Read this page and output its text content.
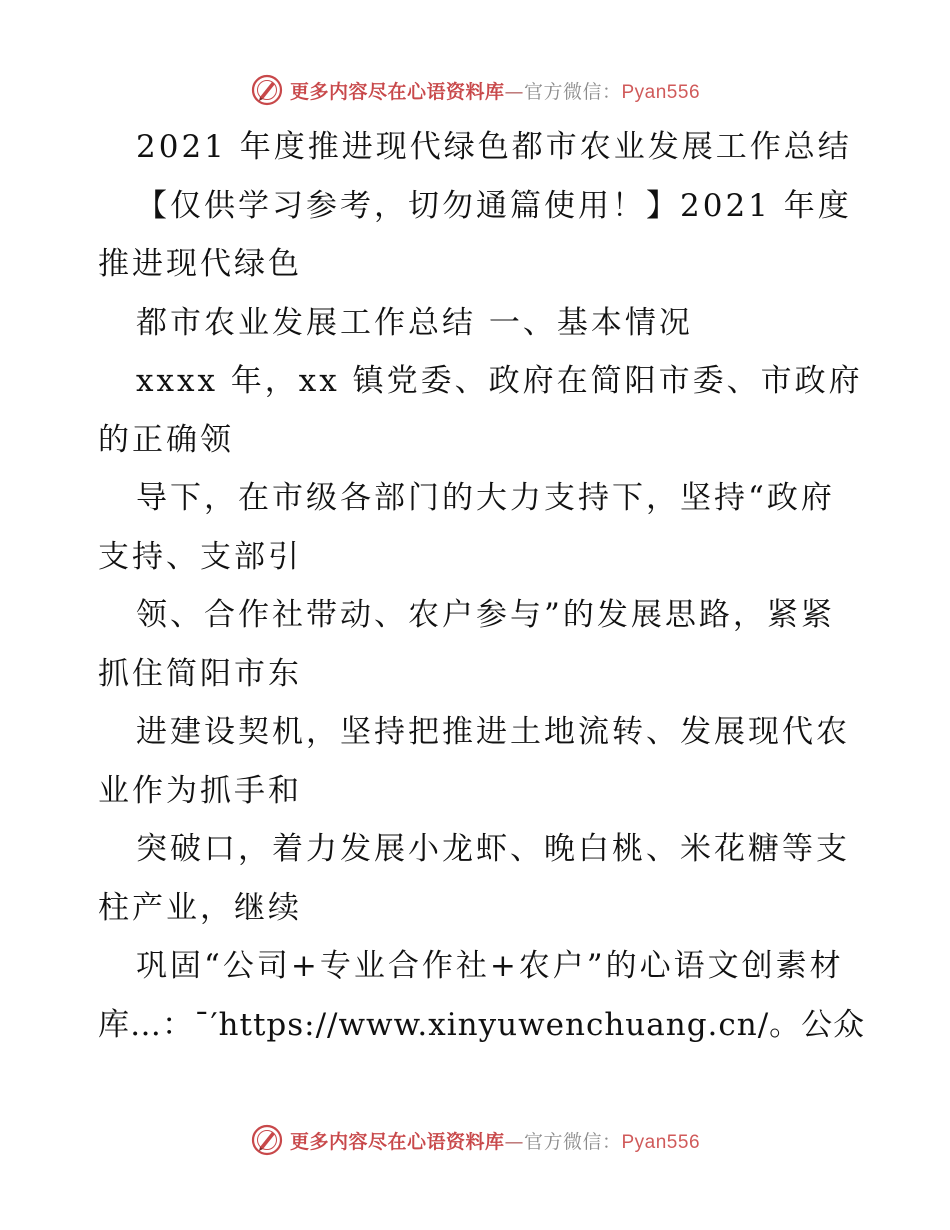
更多内容尽在心语资料库—官方微信：Pyan556
2021 年度推进现代绿色都市农业发展工作总结
【仅供学习参考，切勿通篇使用！】2021 年度
推进现代绿色
都市农业发展工作总结 一、基本情况
xxxx 年，xx 镇党委、政府在简阳市委、市政府
的正确领
导下，在市级各部门的大力支持下，坚持“政府
支持、支部引
领、合作社带动、农户参与”的发展思路，紧紧
抓住简阳市东
进建设契机，坚持把推进土地流转、发展现代农
业作为抓手和
突破口，着力发展小龙虾、晚白桃、米花糖等支
柱产业，继续
巩固“公司+专业合作社+农户”的心语文创素材
库…：¯′https://www.xinyuwenchuang.cn/。公众
更多内容尽在心语资料库—官方微信：Pyan556
